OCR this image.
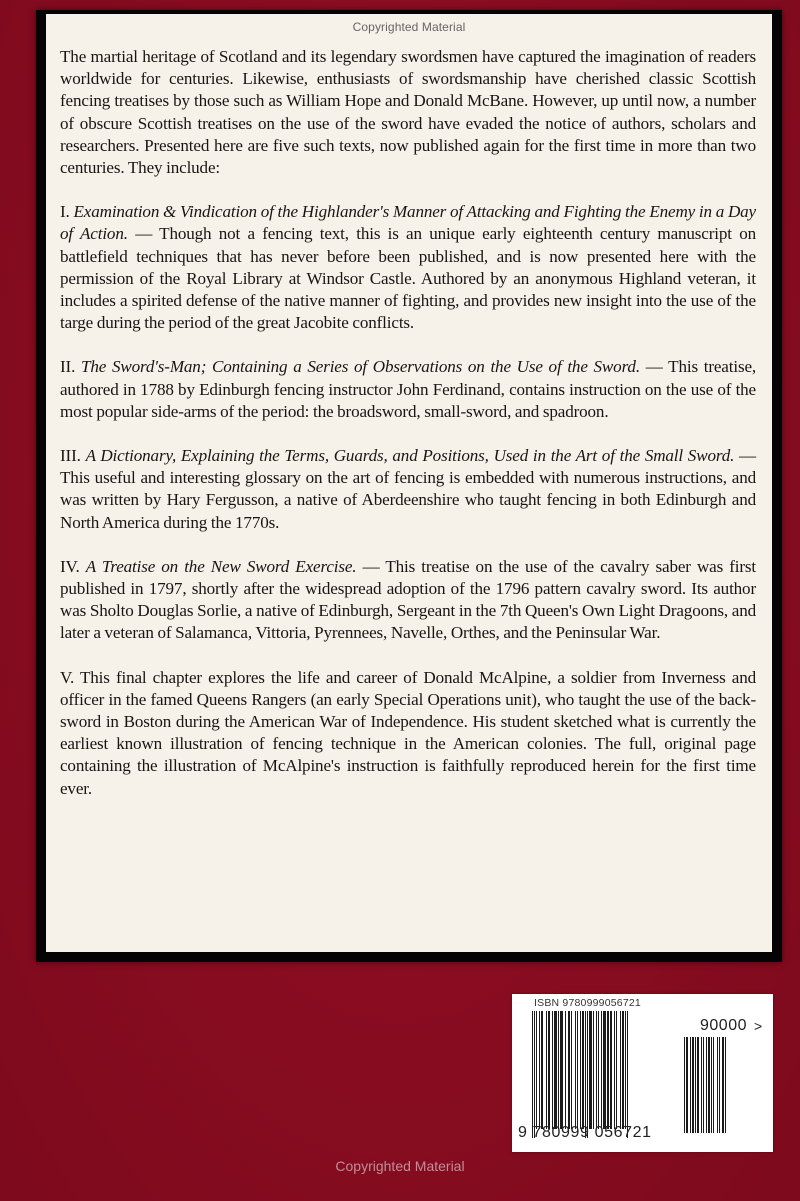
Copyrighted Material

The martial heritage of Scotland and its legendary swordsmen have captured the imagination of readers worldwide for centuries. Likewise, enthusiasts of swordsmanship have cherished classic Scottish fencing treatises by those such as William Hope and Donald McBane. However, up until now, a number of obscure Scottish treatises on the use of the sword have evaded the notice of authors, scholars and researchers. Presented here are five such texts, now published again for the first time in more than two centuries. They include:

I. Examination & Vindication of the Highlander's Manner of Attacking and Fighting the Enemy in a Day of Action. — Though not a fencing text, this is an unique early eighteenth century manuscript on battlefield techniques that has never before been published, and is now presented here with the permission of the Royal Library at Windsor Castle. Authored by an anonymous Highland veteran, it includes a spirited defense of the native manner of fighting, and provides new insight into the use of the targe during the period of the great Jacobite conflicts.

II. The Sword's-Man; Containing a Series of Observations on the Use of the Sword. — This treatise, authored in 1788 by Edinburgh fencing instructor John Ferdinand, contains instruction on the use of the most popular side-arms of the period: the broadsword, small-sword, and spadroon.

III. A Dictionary, Explaining the Terms, Guards, and Positions, Used in the Art of the Small Sword. — This useful and interesting glossary on the art of fencing is embedded with numerous instructions, and was written by Hary Fergusson, a native of Aberdeenshire who taught fencing in both Edinburgh and North America during the 1770s.

IV. A Treatise on the New Sword Exercise. — This treatise on the use of the cavalry saber was first published in 1797, shortly after the widespread adoption of the 1796 pattern cavalry sword. Its author was Sholto Douglas Sorlie, a native of Edinburgh, Sergeant in the 7th Queen's Own Light Dragoons, and later a veteran of Salamanca, Vittoria, Pyrennees, Navelle, Orthes, and the Peninsular War.

V. This final chapter explores the life and career of Donald McAlpine, a soldier from Inverness and officer in the famed Queens Rangers (an early Special Operations unit), who taught the use of the back-sword in Boston during the American War of Independence. His student sketched what is currently the earliest known illustration of fencing technique in the American colonies. The full, original page containing the illustration of McAlpine's instruction is faithfully reproduced herein for the first time ever.

ISBN 9780999056721
90000 >
9 780999 056721
Copyrighted Material
